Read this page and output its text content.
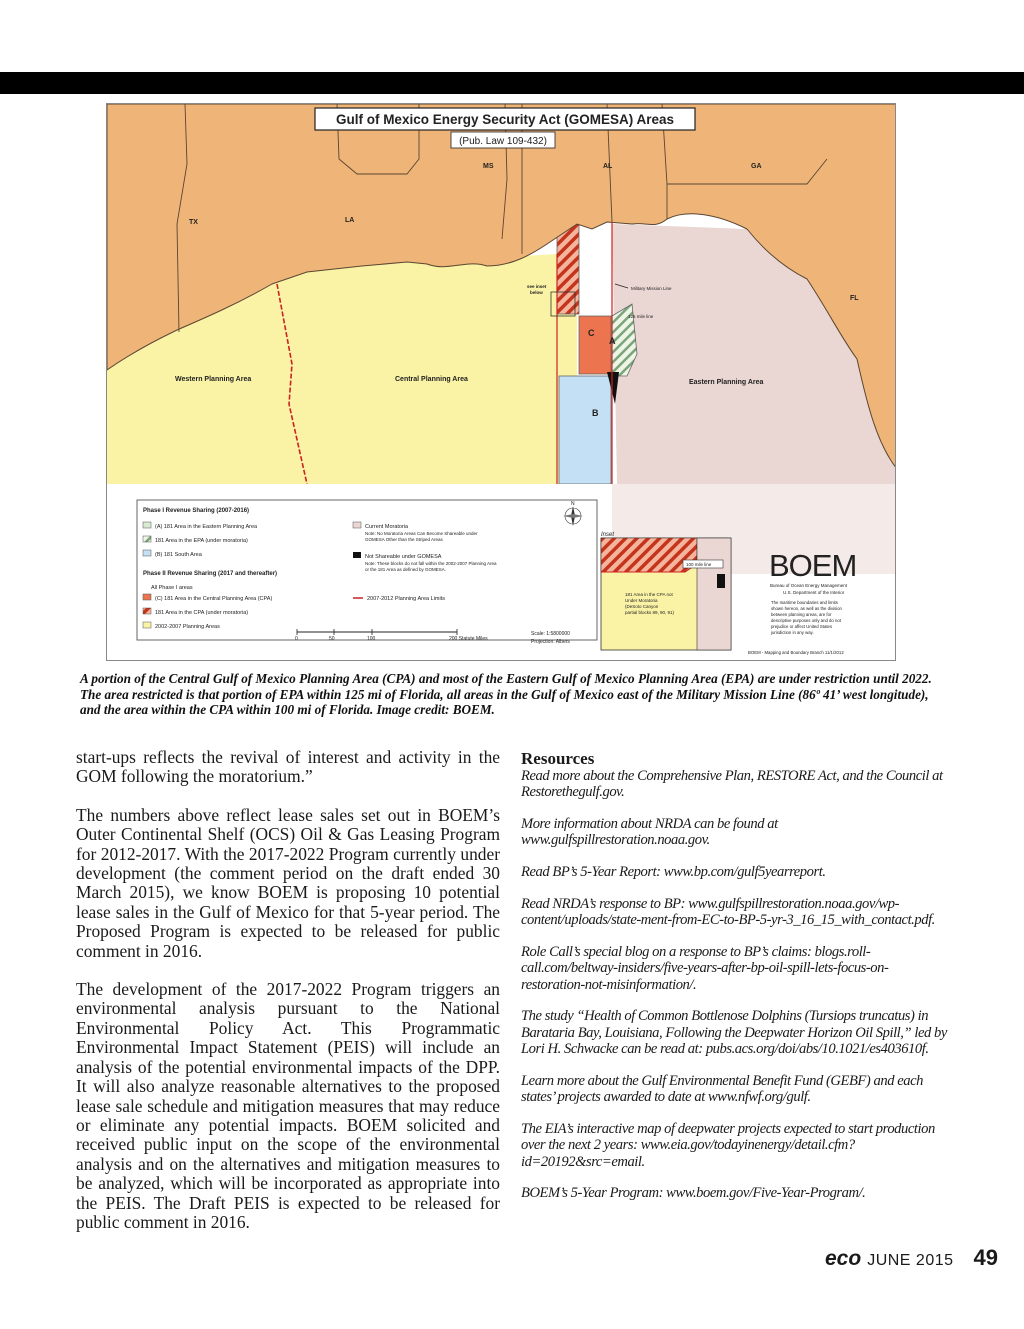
Gulf of Mexico Energy Security Act (GOMESA) Areas
(Pub. Law 109-432)
TX	LA
MS	AL	GA
FL
Western Planning Area	Central Planning Area	Eastern Planning Area
C
A
B
see inset
below
Military Mission Line
125 mile line
Phase I Revenue Sharing (2007-2016)
(A) 181 Area in the Eastern Planning Area
181 Area in the EPA (under moratoria)
(B) 181 South Area
Phase II Revenue Sharing (2017 and thereafter)
All Phase I areas
(C) 181 Area in the Central Planning Area (CPA)
181 Area in the CPA (under moratoria)
2002-2007 Planning Areas
Current Moratoria
Note: No Moratoria Areas Can Become Shareable under
GOMESA Other than the Striped Areas
Not Shareable under GOMESA
Note: These blocks do not fall within the 2002-2007 Planning Area
or the 181 Area as defined by GOMESA.
2007-2012 Planning Area Limits
0	50	100	200 Statute Miles
Scale: 1:5800000
Projection: Albers
N
Inset
100 mile line
181 Area in the CPA not
Under Moratoria
(DeSoto Canyon
partial blocks 89, 90, 91)
BOEM
Bureau of Ocean Energy Management
U.S. Department of the Interior
The maritime boundaries and limits
shown hereon, as well as the division
between planning areas, are for
descriptive purposes only and do not
prejudice or affect United States
jurisdiction in any way.
BOEM - Mapping and Boundary Branch 11/1/2012

A portion of the Central Gulf of Mexico Planning Area (CPA) and most of the Eastern Gulf of Mexico Planning Area (EPA) are under restriction until 2022. The area restricted is that portion of EPA within 125 mi of Florida, all areas in the Gulf of Mexico east of the Military Mission Line (86º 41’ west longitude), and the area within the CPA within 100 mi of Florida. Image credit: BOEM.

start-ups reflects the revival of interest and activity in the GOM following the moratorium.”

The numbers above reflect lease sales set out in BOEM’s Outer Continental Shelf (OCS) Oil & Gas Leasing Program for 2012-2017. With the 2017-2022 Program currently under development (the comment period on the draft ended 30 March 2015), we know BOEM is proposing 10 potential lease sales in the Gulf of Mexico for that 5-year period. The Proposed Program is expected to be released for public comment in 2016.

The development of the 2017-2022 Program triggers an environmental analysis pursuant to the National Environmental Policy Act. This Programmatic Environmental Impact Statement (PEIS) will include an analysis of the potential environmental impacts of the DPP. It will also analyze reasonable alternatives to the proposed lease sale schedule and mitigation measures that may reduce or eliminate any potential impacts. BOEM solicited and received public input on the scope of the environmental analysis and on the alternatives and mitigation measures to be analyzed, which will be incorporated as appropriate into the PEIS. The Draft PEIS is expected to be released for public comment in 2016.

Resources

Read more about the Comprehensive Plan, RESTORE Act, and the Council at Restorethegulf.gov.

More information about NRDA can be found at www.gulfspillrestoration.noaa.gov.

Read BP’s 5-Year Report: www.bp.com/gulf5yearreport.

Read NRDA’s response to BP: www.gulfspillrestoration.noaa.gov/wp-content/uploads/state-ment-from-EC-to-BP-5-yr-3_16_15_with_contact.pdf.

Role Call’s special blog on a response to BP’s claims: blogs.roll-call.com/beltway-insiders/five-years-after-bp-oil-spill-lets-focus-on-restoration-not-misinformation/.

The study “Health of Common Bottlenose Dolphins (Tursiops truncatus) in Barataria Bay, Louisiana, Following the Deepwater Horizon Oil Spill,” led by Lori H. Schwacke can be read at: pubs.acs.org/doi/abs/10.1021/es403610f.

Learn more about the Gulf Environmental Benefit Fund (GEBF) and each states’ projects awarded to date at www.nfwf.org/gulf.

The EIA’s interactive map of deepwater projects expected to start production over the next 2 years: www.eia.gov/todayinenergy/detail.cfm?id=20192&src=email.

BOEM’s 5-Year Program: www.boem.gov/Five-Year-Program/.

eco JUNE 2015 49
